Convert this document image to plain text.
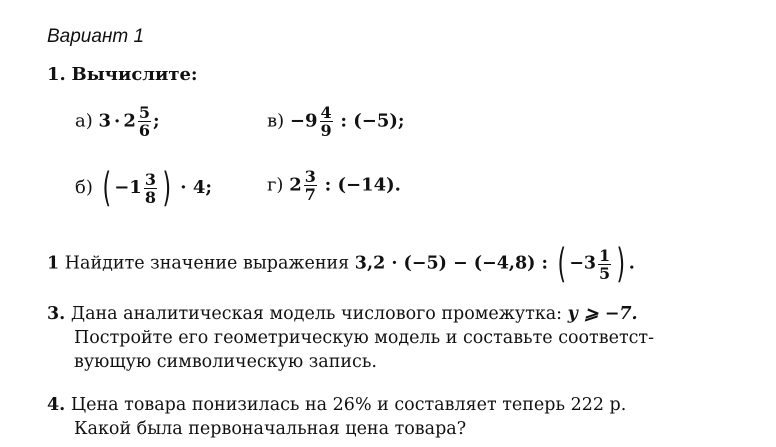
Вариант 1
1. Вычислите:
а) $3 \cdot 2 \frac{5}{6}$ ;	$в) -9 \frac{4}{9}$ : (−5);
б) ( $-1 \frac{3}{8}$ ) · 4;	г) $2 \frac{3}{7}$ : (−14).
1 Найдите значение выражения 3,2 · (−5) − (−4,8) : ( $-3 \frac{1}{5}$ ) .
3. Дана аналитическая модель числового промежутка: y ⩾ −7.
Постройте его геометрическую модель и составьте соответст-
вующую символическую запись.
4. Цена товара понизилась на 26% и составляет теперь 222 р.
Какой была первоначальная цена товара?
